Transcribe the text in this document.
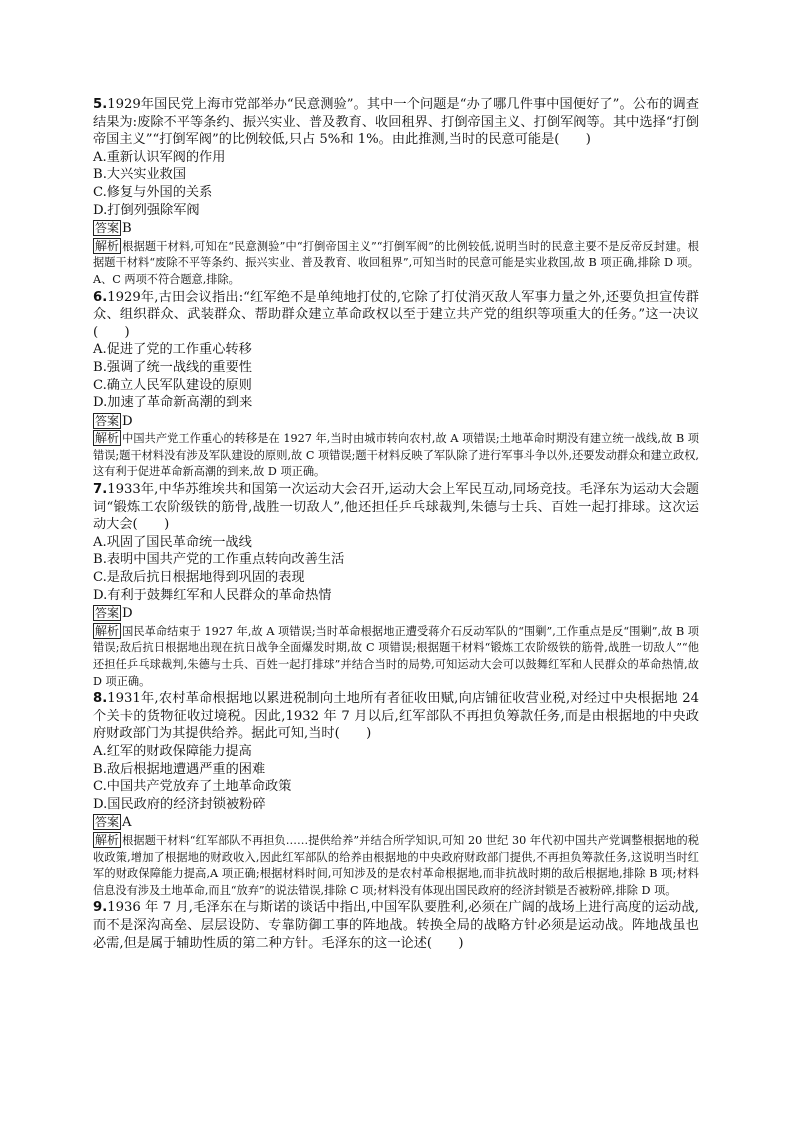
5.1929年国民党上海市党部举办“民意测验”。其中一个问题是“办了哪几件事中国便好了”。公布的调查结果为:废除不平等条约、振兴实业、普及教育、收回租界、打倒帝国主义、打倒军阀等。其中选择“打倒帝国主义”“打倒军阀”的比例较低,只占 5%和 1%。由此推测,当时的民意可能是(　　)
A.重新认识军阀的作用
B.大兴实业救国
C.修复与外国的关系
D.打倒列强除军阀
答案 B
解析 根据题干材料,可知在“民意测验”中“打倒帝国主义”“打倒军阀”的比例较低,说明当时的民意主要不是反帝反封建。根据题干材料“废除不平等条约、振兴实业、普及教育、收回租界”,可知当时的民意可能是实业救国,故 B 项正确,排除 D 项。A、C 两项不符合题意,排除。
6.1929年,古田会议指出:“红军绝不是单纯地打仗的,它除了打仗消灭敌人军事力量之外,还要负担宣传群众、组织群众、武装群众、帮助群众建立革命政权以至于建立共产党的组织等项重大的任务。”这一决议(　　)
A.促进了党的工作重心转移
B.强调了统一战线的重要性
C.确立人民军队建设的原则
D.加速了革命新高潮的到来
答案 D
解析 中国共产党工作重心的转移是在 1927 年,当时由城市转向农村,故 A 项错误;土地革命时期没有建立统一战线,故 B 项错误;题干材料没有涉及军队建设的原则,故 C 项错误;题干材料反映了军队除了进行军事斗争以外,还要发动群众和建立政权,这有利于促进革命新高潮的到来,故 D 项正确。
7.1933年,中华苏维埃共和国第一次运动大会召开,运动大会上军民互动,同场竞技。毛泽东为运动大会题词“锻炼工农阶级铁的筋骨,战胜一切敌人”,他还担任乒乓球裁判,朱德与士兵、百姓一起打排球。这次运动大会(　　)
A.巩固了国民革命统一战线
B.表明中国共产党的工作重点转向改善生活
C.是敌后抗日根据地得到巩固的表现
D.有利于鼓舞红军和人民群众的革命热情
答案 D
解析 国民革命结束于 1927 年,故 A 项错误;当时革命根据地正遭受蒋介石反动军队的“围剿”,工作重点是反“围剿”,故 B 项错误;敌后抗日根据地出现在抗日战争全面爆发时期,故 C 项错误;根据题干材料“锻炼工农阶级铁的筋骨,战胜一切敌人”“他还担任乒乓球裁判,朱德与士兵、百姓一起打排球”并结合当时的局势,可知运动大会可以鼓舞红军和人民群众的革命热情,故 D 项正确。
8.1931年,农村革命根据地以累进税制向土地所有者征收田赋,向店铺征收营业税,对经过中央根据地 24 个关卡的货物征收过境税。因此,1932 年 7 月以后,红军部队不再担负筹款任务,而是由根据地的中央政府财政部门为其提供给养。据此可知,当时(　　)
A.红军的财政保障能力提高
B.敌后根据地遭遇严重的困难
C.中国共产党放弃了土地革命政策
D.国民政府的经济封锁被粉碎
答案 A
解析 根据题干材料“红军部队不再担负……提供给养”并结合所学知识,可知 20 世纪 30 年代初中国共产党调整根据地的税收政策,增加了根据地的财政收入,因此红军部队的给养由根据地的中央政府财政部门提供,不再担负筹款任务,这说明当时红军的财政保障能力提高,A 项正确;根据材料时间,可知涉及的是农村革命根据地,而非抗战时期的敌后根据地,排除 B 项;材料信息没有涉及土地革命,而且“放弃”的说法错误,排除 C 项;材料没有体现出国民政府的经济封锁是否被粉碎,排除 D 项。
9.1936 年 7 月,毛泽东在与斯诺的谈话中指出,中国军队要胜利,必须在广阔的战场上进行高度的运动战,而不是深沟高垒、层层设防、专靠防御工事的阵地战。转换全局的战略方针必须是运动战。阵地战虽也必需,但是属于辅助性质的第二种方针。毛泽东的这一论述(　　)
